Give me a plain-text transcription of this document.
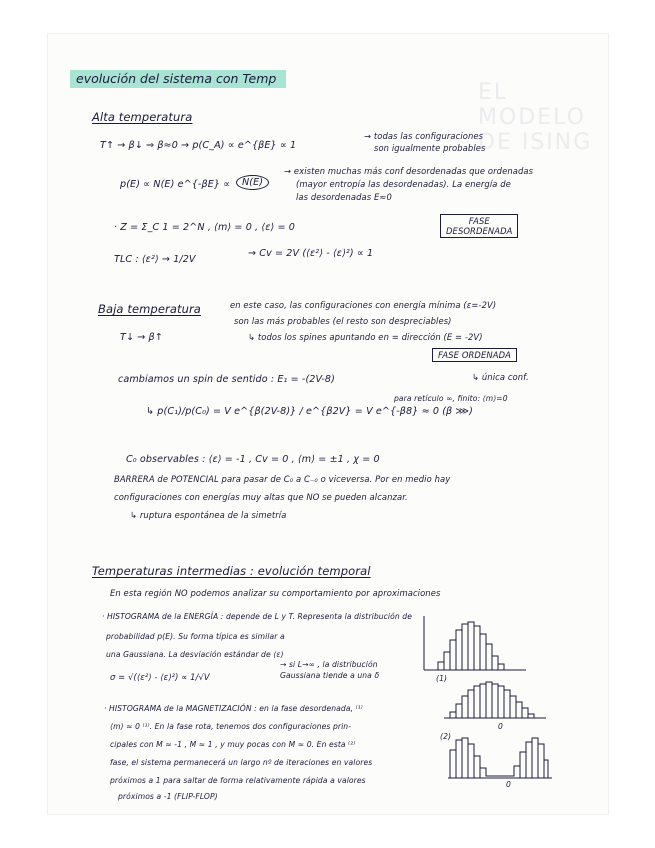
EL MODELO DE ISING
evolución del sistema con Temp
Alta temperatura
T↑ → β↓ ⇒ β≈0 → p(C_A) ∝ e^{βE} ∝ 1
→ todas las configuraciones
son igualmente probables
p(E) ∝ N(E) e^{-βE} ∝	N(E)
→ existen muchas más conf desordenadas que ordenadas
(mayor entropía las desordenadas). La energía de
las desordenadas E≈0
· Z = Σ_C 1 = 2^N , ⟨m⟩ = 0 , ⟨ε⟩ = 0
FASE
DESORDENADA
TLC : ⟨ε²⟩ → 1/2V
→ Cv = 2V (⟨ε²⟩ - ⟨ε⟩²) ∝ 1
Baja temperatura
T↓ → β↑
en este caso, las configuraciones con energía mínima (ε=-2V)
son las más probables (el resto son despreciables)
↳ todos los spines apuntando en = dirección (E = -2V)
FASE ORDENADA
cambiamos un spin de sentido : E₁ = -(2V-8)	↳ única conf.
↳ p(C₁)/p(C₀) = V e^{β(2V-8)} / e^{β2V} = V e^{-β8} ≈ 0 (β ⋙)
para retículo ∞, finito: ⟨m⟩=0
C₀ observables : ⟨ε⟩ = -1 , Cv = 0 , ⟨m⟩ = ±1 , χ = 0
BARRERA de POTENCIAL para pasar de C₀ a C₋₀ o viceversa. Por en medio hay
configuraciones con energías muy altas que NO se pueden alcanzar.
↳ ruptura espontánea de la simetría
Temperaturas intermedias : evolución temporal
En esta región NO podemos analizar su comportamiento por aproximaciones
· HISTOGRAMA de la ENERGÍA : depende de L y T. Representa la distribución de
probabilidad p(E). Su forma típica es similar a
una Gaussiana. La desviación estándar de ⟨ε⟩
σ = √(⟨ε²⟩ - ⟨ε⟩²) ∝ 1/√V
→ si L→∞ , la distribución
Gaussiana tiende a una δ
· HISTOGRAMA de la MAGNETIZACIÓN : en la fase desordenada, ⁽¹⁾
⟨m⟩ ≈ 0 ⁽¹⁾. En la fase rota, tenemos dos configuraciones prin-
cipales con M ≈ -1 , M ≈ 1 , y muy pocas con M ≈ 0. En esta ⁽²⁾
fase, el sistema permanecerá un largo nº de iteraciones en valores
próximos a 1 para saltar de forma relativamente rápida a valores
próximos a -1 (FLIP-FLOP)
0
(1)
0
(2)
